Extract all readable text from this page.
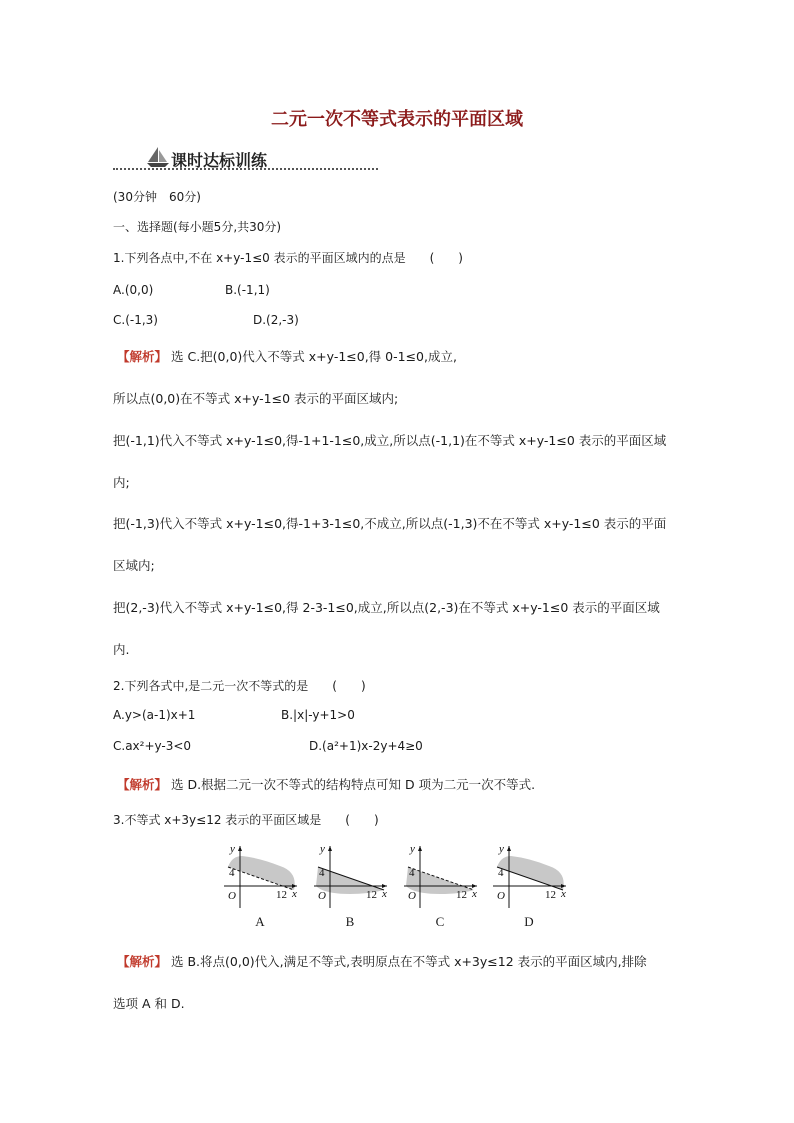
二元一次不等式表示的平面区域
课时达标训练
(30分钟　60分)
一、选择题(每小题5分,共30分)
1.下列各点中,不在 x+y-1≤0 表示的平面区域内的点是　　(　　)
A.(0,0)	B.(-1,1)
C.(-1,3)	D.(2,-3)
【解析】 选 C.把(0,0)代入不等式 x+y-1≤0,得 0-1≤0,成立,
所以点(0,0)在不等式 x+y-1≤0 表示的平面区域内;
把(-1,1)代入不等式 x+y-1≤0,得-1+1-1≤0,成立,所以点(-1,1)在不等式 x+y-1≤0 表示的平面区域
内;
把(-1,3)代入不等式 x+y-1≤0,得-1+3-1≤0,不成立,所以点(-1,3)不在不等式 x+y-1≤0 表示的平面
区域内;
把(2,-3)代入不等式 x+y-1≤0,得 2-3-1≤0,成立,所以点(2,-3)在不等式 x+y-1≤0 表示的平面区域
内.
2.下列各式中,是二元一次不等式的是　　(　　)
A.y>(a-1)x+1	B.|x|-y+1>0
C.ax²+y-3<0	D.(a²+1)x-2y+4≥0
【解析】 选 D.根据二元一次不等式的结构特点可知 D 项为二元一次不等式.
3.不等式 x+3y≤12 表示的平面区域是　　(　　)
4
12
O	x
y
A
4
12
O	x
y
B
4
12
O	x
y
C
4
12
O	x
y
D
【解析】 选 B.将点(0,0)代入,满足不等式,表明原点在不等式 x+3y≤12 表示的平面区域内,排除
选项 A 和 D.
